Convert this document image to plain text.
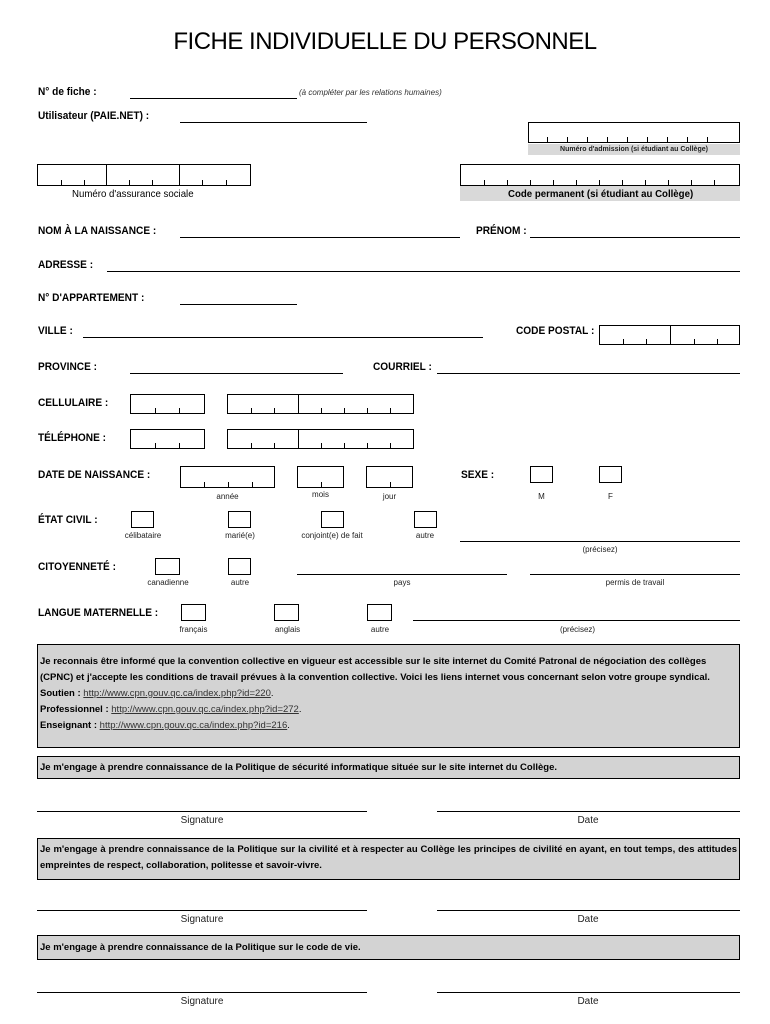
FICHE INDIVIDUELLE DU PERSONNEL
N° de fiche :	(à compléter par les relations humaines)
Utilisateur (PAIE.NET) :
Numéro d'admission (si étudiant au Collège)
Numéro d'assurance sociale	Code permanent (si étudiant au Collège)
NOM À LA NAISSANCE :	PRÉNOM :
ADRESSE :
N° D'APPARTEMENT :
VILLE :	CODE POSTAL :
PROVINCE :	COURRIEL :
CELLULAIRE :
TÉLÉPHONE :
DATE DE NAISSANCE :
année	mois	jour
SEXE :
M	F
ÉTAT CIVIL :
célibataire	marié(e)	conjoint(e) de fait	autre
(précisez)
CITOYENNETÉ :
canadienne	autre	pays	permis de travail
LANGUE MATERNELLE :
français	anglais	autre	(précisez)
Je reconnais être informé que la convention collective en vigueur est accessible sur le site internet du Comité Patronal de négociation des collèges (CPNC) et j'accepte les conditions de travail prévues à la convention collective. Voici les liens internet vous concernant selon votre groupe syndical.
Soutien : http://www.cpn.gouv.qc.ca/index.php?id=220.
Professionnel : http://www.cpn.gouv.qc.ca/index.php?id=272.
Enseignant : http://www.cpn.gouv.qc.ca/index.php?id=216.
Je m'engage à prendre connaissance de la Politique de sécurité informatique située sur le site internet du Collège.
Signature	Date
Je m'engage à prendre connaissance de la Politique sur la civilité et à respecter au Collège les principes de civilité en ayant, en tout temps, des attitudes empreintes de respect, collaboration, politesse et savoir-vivre.
Signature	Date
Je m'engage à prendre connaissance de la Politique sur le code de vie.
Signature	Date
